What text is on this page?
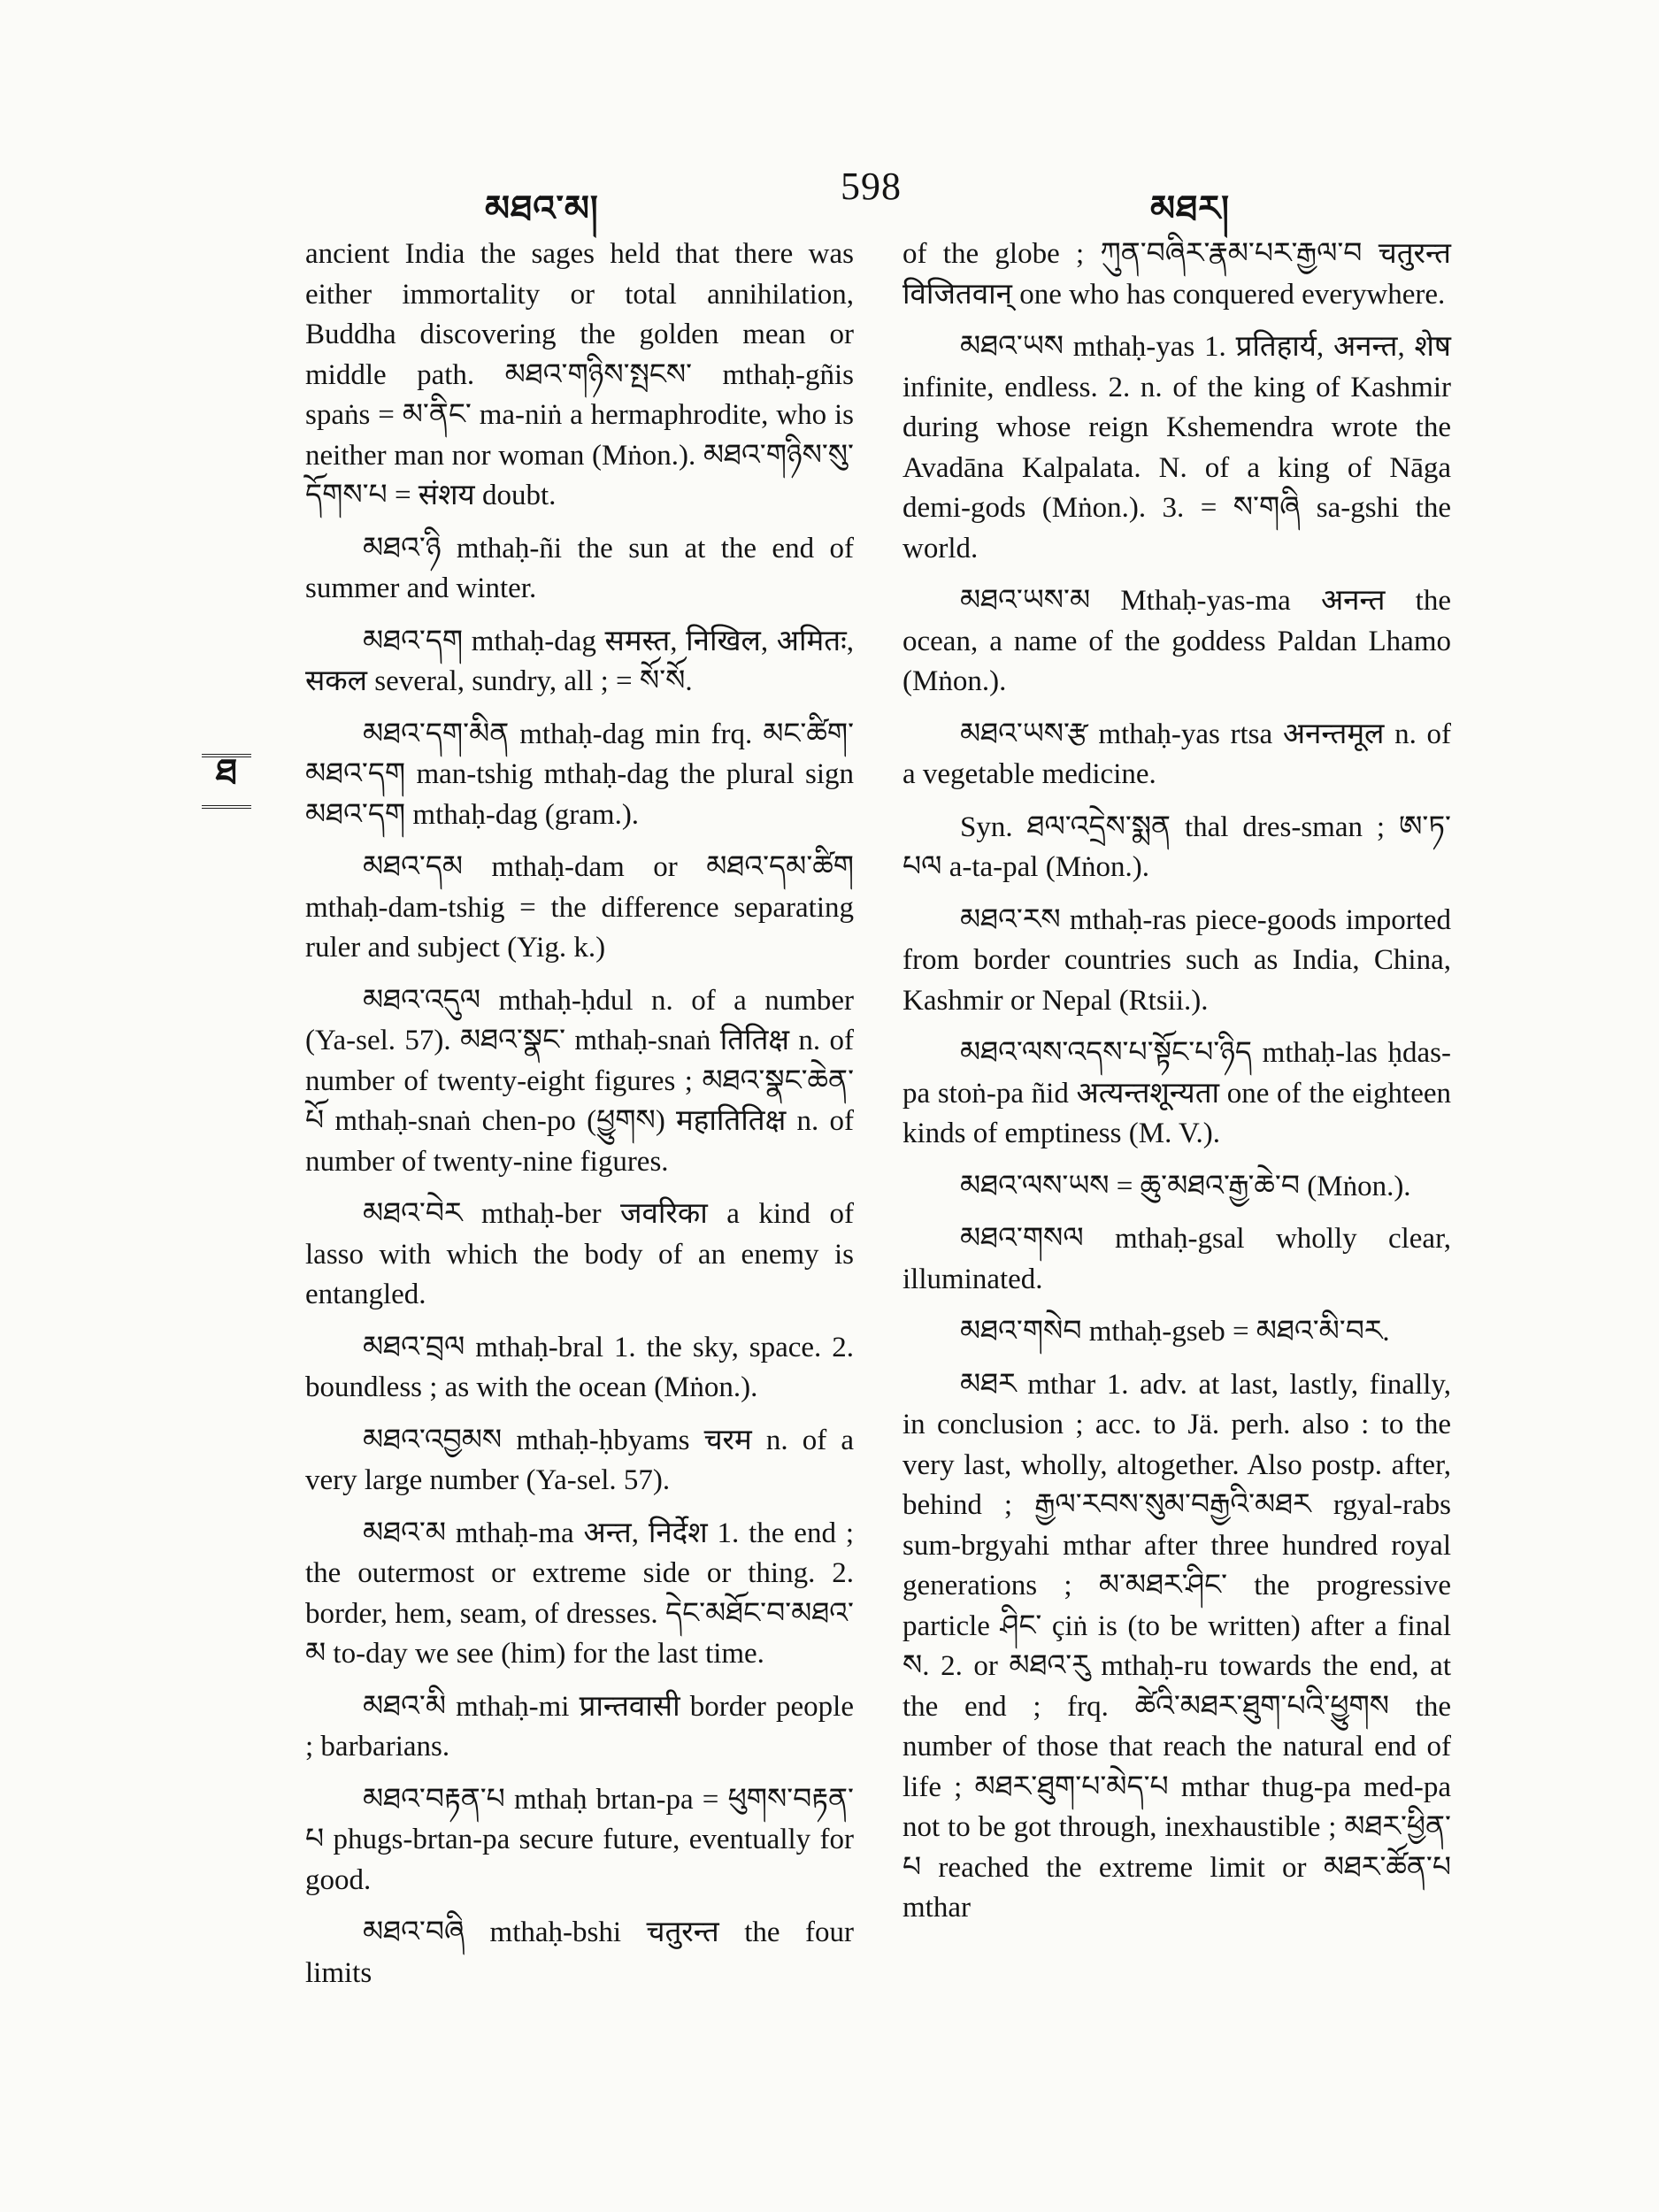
མཐའ་མ།
598
མཐར།
ཐ

ancient India the sages held that there was either immortality or total annihilation, Buddha discovering the golden mean or middle path. མཐའ་གཉིས་སྤངས་ mthaḥ-gñis spaṅs = མ་ནིང་ ma-niṅ a hermaphrodite, who is neither man nor woman (Mṅon.). མཐའ་གཉིས་སུ་དོགས་པ = संशय doubt.

མཐའ་ཉི mthaḥ-ñi the sun at the end of summer and winter.

མཐའ་དག mthaḥ-dag समस्त, निखिल, अमितः, सकल several, sundry, all ; = སོ་སོ.

མཐའ་དག་མིན mthaḥ-dag min frq. མང་ཚིག་མཐའ་དག man-tshig mthaḥ-dag the plural sign མཐའ་དག mthaḥ-dag (gram.).

མཐའ་དམ mthaḥ-dam or མཐའ་དམ་ཚིག mthaḥ-dam-tshig = the difference separating ruler and subject (Yig. k.)

མཐའ་འདུལ mthaḥ-ḥdul n. of a number (Ya-sel. 57). མཐའ་སྣང་ mthaḥ-snaṅ तितिक्ष n. of number of twenty-eight figures ; མཐའ་སྣང་ཆེན་པོ mthaḥ-snaṅ chen-po (ཕྱུགས) महातितिक्ष n. of number of twenty-nine figures.

མཐའ་བེར mthaḥ-ber जवरिका a kind of lasso with which the body of an enemy is entangled.

མཐའ་བྲལ mthaḥ-bral 1. the sky, space. 2. boundless ; as with the ocean (Mṅon.).

མཐའ་འབྱམས mthaḥ-ḥbyams चरम n. of a very large number (Ya-sel. 57).

མཐའ་མ mthaḥ-ma अन्त, निर्देश 1. the end ; the outermost or extreme side or thing. 2. border, hem, seam, of dresses. དེང་མཐོང་བ་མཐའ་མ to-day we see (him) for the last time.

མཐའ་མི mthaḥ-mi प्रान्तवासी border people ; barbarians.

མཐའ་བརྟན་པ mthaḥ brtan-pa = ཕུགས་བརྟན་པ phugs-brtan-pa secure future, eventually for good.

མཐའ་བཞི mthaḥ-bshi चतुरन्त the four limits

of the globe ; ཀུན་བཞིར་རྣམ་པར་རྒྱལ་བ चतुरन्त विजितवान् one who has conquered everywhere.

མཐའ་ཡས mthaḥ-yas 1. प्रतिहार्य, अनन्त, शेष infinite, endless. 2. n. of the king of Kashmir during whose reign Kshemendra wrote the Avadāna Kalpalata. N. of a king of Nāga demi-gods (Mṅon.). 3. = ས་གཞི sa-gshi the world.

མཐའ་ཡས་མ Mthaḥ-yas-ma अनन्त the ocean, a name of the goddess Paldan Lhamo (Mṅon.).

མཐའ་ཡས་རྩ mthaḥ-yas rtsa अनन्तमूल n. of a vegetable medicine.

Syn. ཐལ་འདྲེས་སྨན thal dres-sman ; ཨ་ཏ་པལ a-ta-pal (Mṅon.).

མཐའ་རས mthaḥ-ras piece-goods imported from border countries such as India, China, Kashmir or Nepal (Rtsii.).

མཐའ་ལས་འདས་པ་སྟོང་པ་ཉིད mthaḥ-las ḥdas-pa stoṅ-pa ñid अत्यन्तशून्यता one of the eighteen kinds of emptiness (M. V.).

མཐའ་ལས་ཡས = ཆུ་མཐའ་རྒྱ་ཆེ་བ (Mṅon.).

མཐའ་གསལ mthaḥ-gsal wholly clear, illuminated.

མཐའ་གསེབ mthaḥ-gseb = མཐའ་མི་བར.

མཐར mthar 1. adv. at last, lastly, finally, in conclusion ; acc. to Jä. perh. also : to the very last, wholly, altogether. Also postp. after, behind ; རྒྱལ་རབས་སུམ་བརྒྱའི་མཐར rgyal-rabs sum-brgyahi mthar after three hundred royal generations ; མ་མཐར་ཤིང་ the progressive particle ཤིང་ çiṅ is (to be written) after a final ས. 2. or མཐའ་རུ mthaḥ-ru towards the end, at the end ; frq. ཚེའི་མཐར་ཐུག་པའི་ཕྱུགས the number of those that reach the natural end of life ; མཐར་ཐུག་པ་མེད་པ mthar thug-pa med-pa not to be got through, inexhaustible ; མཐར་ཕྱིན་པ reached the extreme limit or མཐར་ཚོན་པ mthar
